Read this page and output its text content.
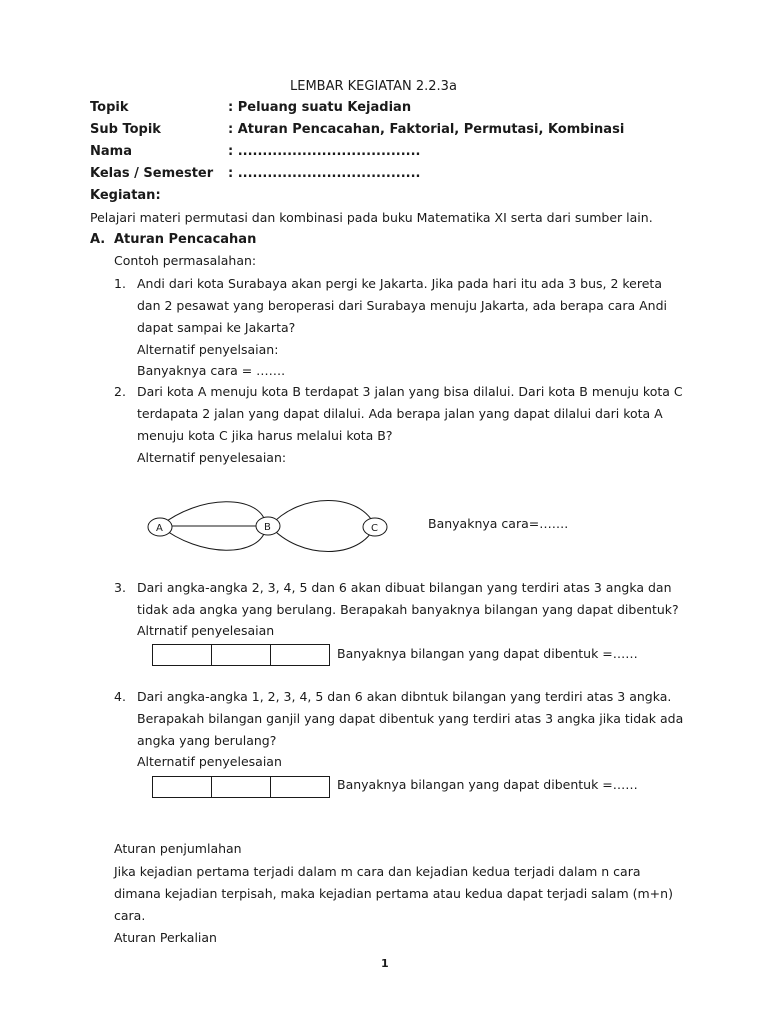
LEMBAR KEGIATAN 2.2.3a
Topik	: Peluang suatu Kejadian
Sub Topik	: Aturan Pencacahan, Faktorial, Permutasi, Kombinasi
Nama	: .....................................
Kelas / Semester : .....................................
Kegiatan:
Pelajari materi permutasi dan kombinasi pada buku Matematika XI serta dari sumber lain.
A. Aturan Pencacahan
Contoh permasalahan:
1. Andi dari kota Surabaya akan pergi ke Jakarta. Jika pada hari itu ada 3 bus, 2 kereta
dan 2 pesawat yang beroperasi dari Surabaya menuju Jakarta, ada berapa cara Andi
dapat sampai ke Jakarta?
Alternatif penyelsaian:
Banyaknya cara = …….
2. Dari kota A menuju kota B terdapat 3 jalan yang bisa dilalui. Dari kota B menuju kota C
terdapata 2 jalan yang dapat dilalui. Ada berapa jalan yang dapat dilalui dari kota A
menuju kota C jika harus melalui kota B?
Alternatif penyelesaian:
A	B	C	Banyaknya cara=…….
3. Dari angka-angka 2, 3, 4, 5 dan 6 akan dibuat bilangan yang terdiri atas 3 angka dan
tidak ada angka yang berulang. Berapakah banyaknya bilangan yang dapat dibentuk?
Altrnatif penyelesaian
Banyaknya bilangan yang dapat dibentuk =……
4. Dari angka-angka 1, 2, 3, 4, 5 dan 6 akan dibntuk bilangan yang terdiri atas 3 angka.
Berapakah bilangan ganjil yang dapat dibentuk yang terdiri atas 3 angka jika tidak ada
angka yang berulang?
Alternatif penyelesaian
Banyaknya bilangan yang dapat dibentuk =……
Aturan penjumlahan
Jika kejadian pertama terjadi dalam m cara dan kejadian kedua terjadi dalam n cara
dimana kejadian terpisah, maka kejadian pertama atau kedua dapat terjadi salam (m+n)
cara.
Aturan Perkalian
1
